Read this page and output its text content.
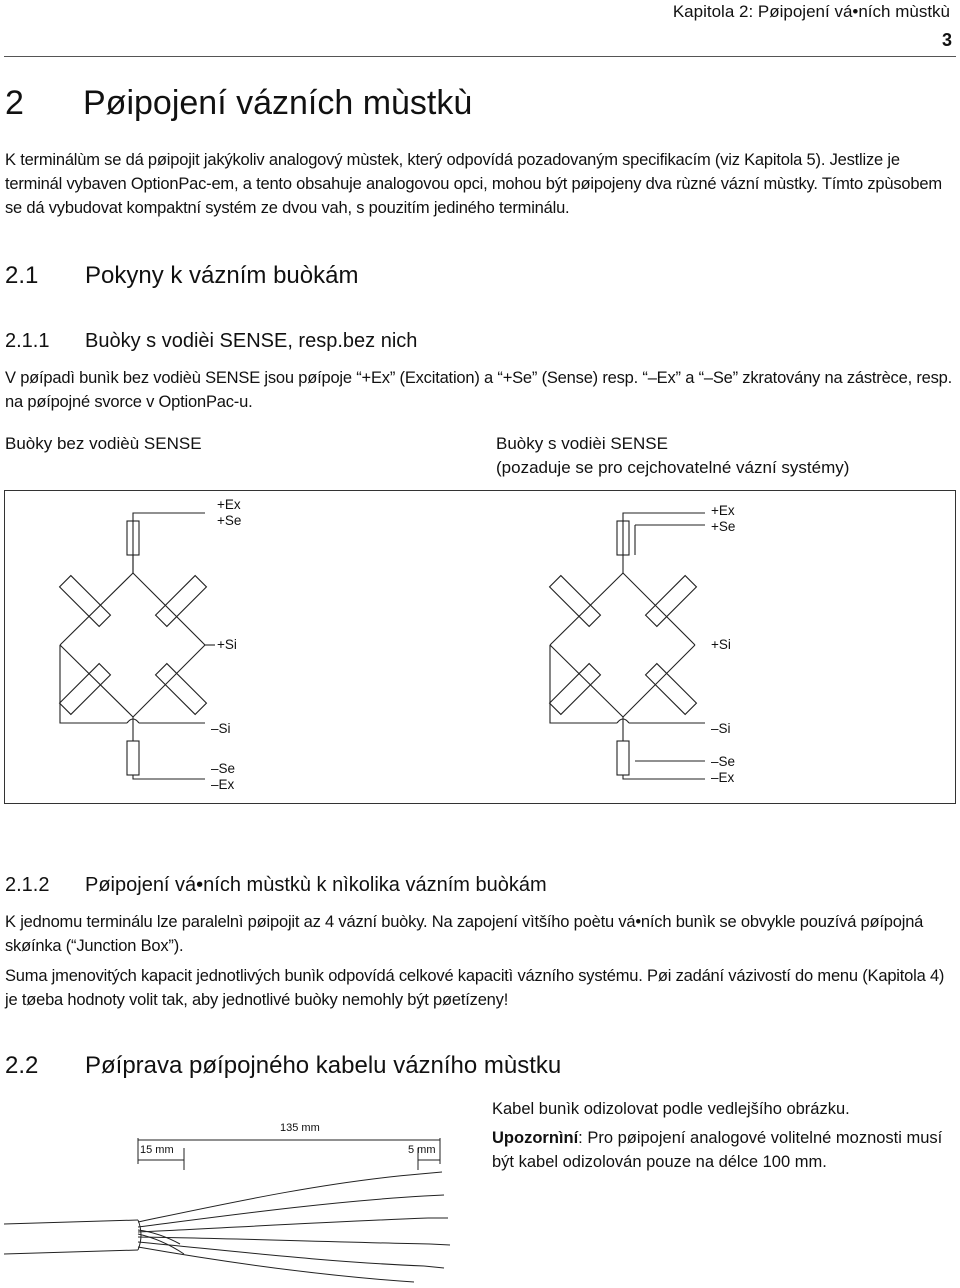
Kapitola 2: Pøipojení vá•ních mùstkù
3
2 Pøipojení vázních mùstkù
K terminálùm se dá pøipojit jakýkoliv analogový mùstek, který odpovídá pozadovaným specifikacím (viz Kapitola 5). Jestlize je terminál vybaven OptionPac-em, a tento obsahuje analogovou opci, mohou být pøipojeny dva rùzné vázní mùstky. Tímto zpùsobem se dá vybudovat kompaktní systém ze dvou vah, s pouzitím jediného terminálu.
2.1 Pokyny k vázním buòkám
2.1.1 Buòky s vodièi SENSE, resp.bez nich
V pøípadì bunìk bez vodièù SENSE jsou pøípoje “+Ex” (Excitation) a “+Se” (Sense) resp. “–Ex” a “–Se” zkratovány na zástrèce, resp. na pøípojné svorce v OptionPac-u.
Buòky bez vodièù SENSE	Buòky s vodièi SENSE
(pozaduje se pro cejchovatelné vázní systémy)
+Ex
+Se
+Si
–Si
–Se
–Ex
+Ex
+Se
+Si
–Si
–Se
–Ex
2.1.2 Pøipojení vá•ních mùstkù k nìkolika vázním buòkám
K jednomu terminálu lze paralelnì pøipojit az 4 vázní buòky. Na zapojení vìtšího poètu vá•ních bunìk se obvykle pouzívá pøípojná skøínka (“Junction Box”).
Suma jmenovitých kapacit jednotlivých bunìk odpovídá celkové kapacitì vázního systému. Pøi zadání vázivostí do menu (Kapitola 4) je tøeba hodnoty volit tak, aby jednotlivé buòky nemohly být pøetízeny!
2.2 Pøíprava pøípojného kabelu vázního mùstku
Kabel bunìk odizolovat podle vedlejšího obrázku.
Upozornìní: Pro pøipojení analogové volitelné moznosti musí být kabel odizolován pouze na délce 100 mm.
135 mm
15 mm	5 mm
